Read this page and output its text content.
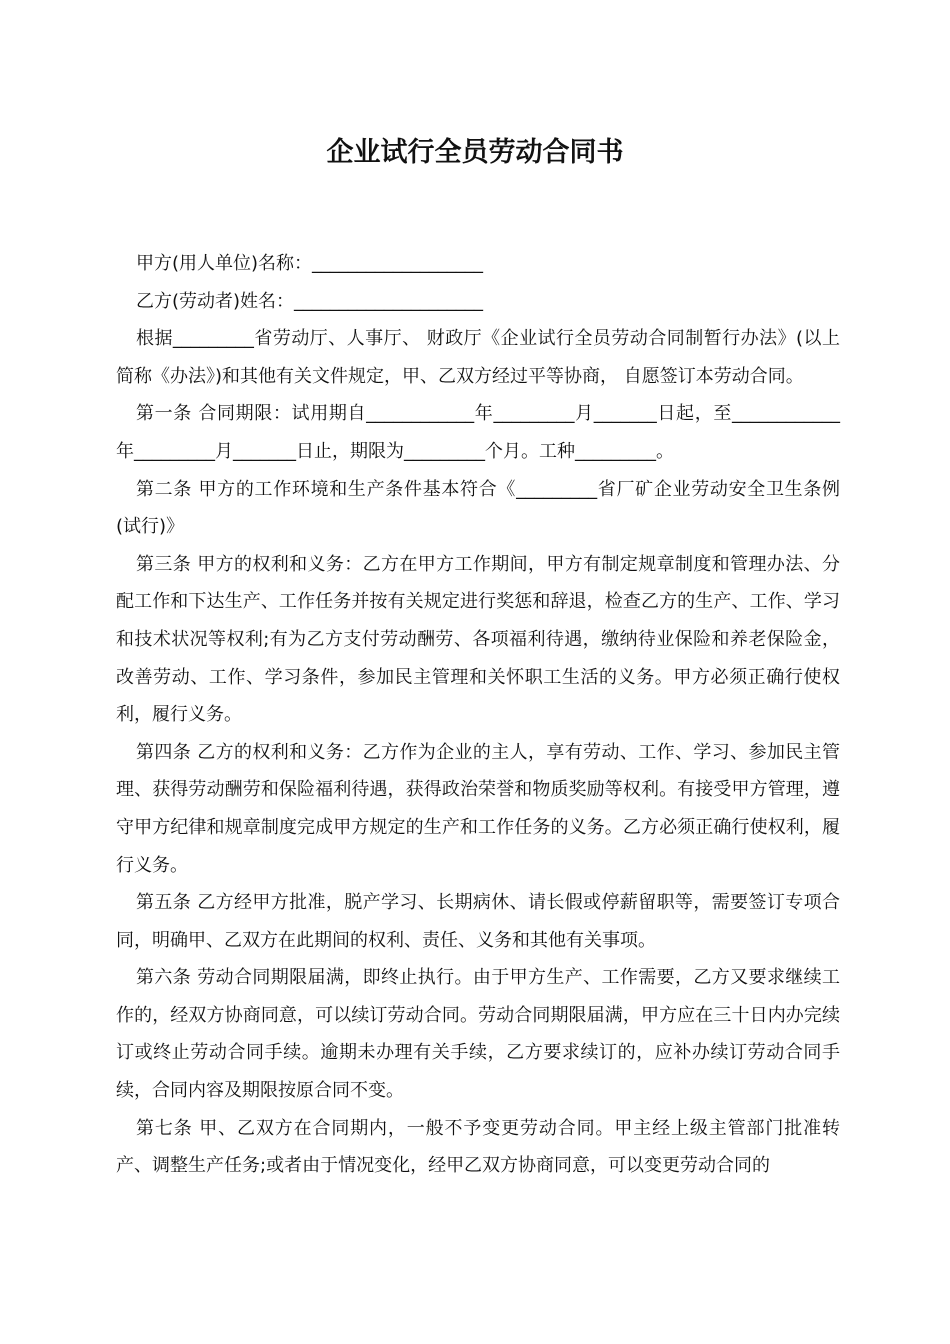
企业试行全员劳动合同书

甲方(用人单位)名称：___________________

乙方(劳动者)姓名：_____________________

根据_________省劳动厅、人事厅、 财政厅《企业试行全员劳动合同制暂行办法》(以上简称《办法》)和其他有关文件规定，甲、乙双方经过平等协商， 自愿签订本劳动合同。

第一条 合同期限：试用期自____________年_________月_______日起，至____________年_________月_______日止，期限为_________个月。工种_________。

第二条 甲方的工作环境和生产条件基本符合《_________省厂矿企业劳动安全卫生条例(试行)》

第三条 甲方的权利和义务：乙方在甲方工作期间，甲方有制定规章制度和管理办法、分配工作和下达生产、工作任务并按有关规定进行奖惩和辞退，检查乙方的生产、工作、学习和技术状况等权利;有为乙方支付劳动酬劳、各项福利待遇，缴纳待业保险和养老保险金，改善劳动、工作、学习条件，参加民主管理和关怀职工生活的义务。甲方必须正确行使权利，履行义务。

第四条 乙方的权利和义务：乙方作为企业的主人，享有劳动、工作、学习、参加民主管理、获得劳动酬劳和保险福利待遇，获得政治荣誉和物质奖励等权利。有接受甲方管理，遵守甲方纪律和规章制度完成甲方规定的生产和工作任务的义务。乙方必须正确行使权利，履行义务。

第五条 乙方经甲方批准，脱产学习、长期病休、请长假或停薪留职等，需要签订专项合同，明确甲、乙双方在此期间的权利、责任、义务和其他有关事项。

第六条 劳动合同期限届满，即终止执行。由于甲方生产、工作需要，乙方又要求继续工作的，经双方协商同意，可以续订劳动合同。劳动合同期限届满，甲方应在三十日内办完续订或终止劳动合同手续。逾期未办理有关手续，乙方要求续订的，应补办续订劳动合同手续，合同内容及期限按原合同不变。

第七条 甲、乙双方在合同期内，一般不予变更劳动合同。甲主经上级主管部门批准转产、调整生产任务;或者由于情况变化，经甲乙双方协商同意，可以变更劳动合同的
